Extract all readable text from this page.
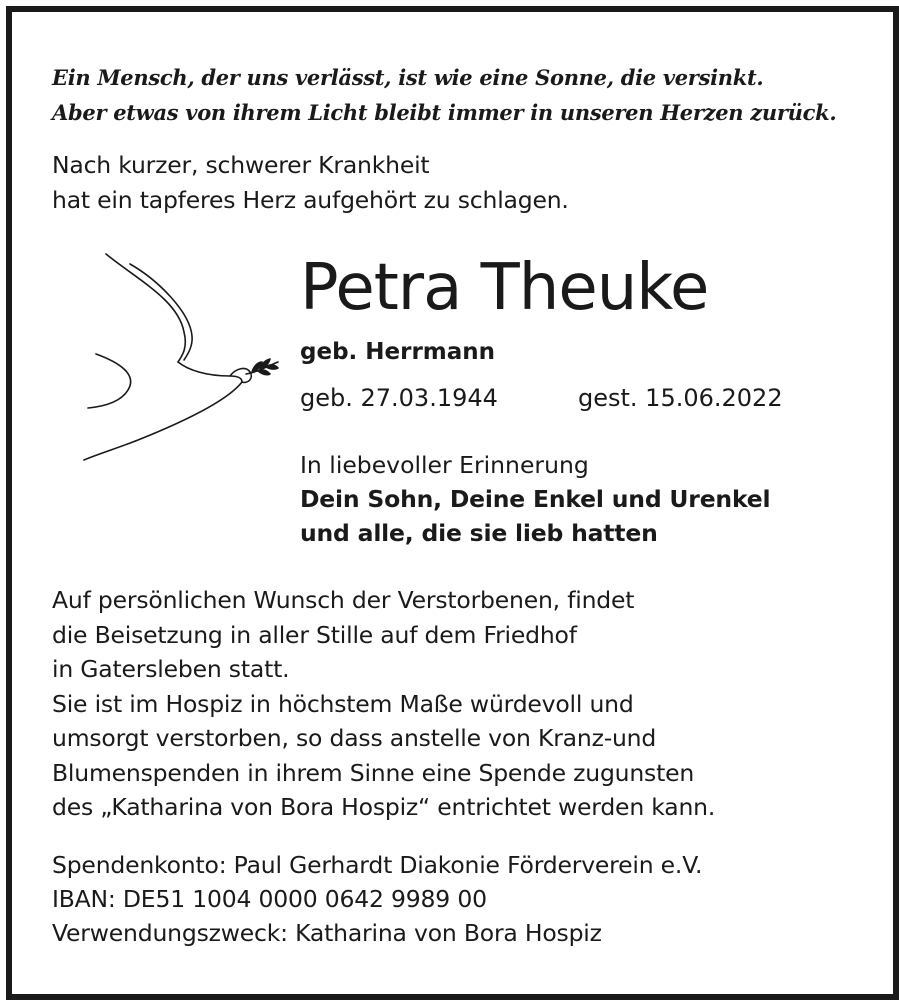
Ein Mensch, der uns verlässt, ist wie eine Sonne, die versinkt.
Aber etwas von ihrem Licht bleibt immer in unseren Herzen zurück.
Nach kurzer, schwerer Krankheit
hat ein tapferes Herz aufgehört zu schlagen.
Petra Theuke
geb. Herrmann
geb. 27.03.1944	gest. 15.06.2022
In liebevoller Erinnerung
Dein Sohn, Deine Enkel und Urenkel
und alle, die sie lieb hatten
Auf persönlichen Wunsch der Verstorbenen, findet
die Beisetzung in aller Stille auf dem Friedhof
in Gatersleben statt.
Sie ist im Hospiz in höchstem Maße würdevoll und
umsorgt verstorben, so dass anstelle von Kranz-und
Blumenspenden in ihrem Sinne eine Spende zugunsten
des „Katharina von Bora Hospiz“ entrichtet werden kann.
Spendenkonto: Paul Gerhardt Diakonie Förderverein e.V.
IBAN: DE51 1004 0000 0642 9989 00
Verwendungszweck: Katharina von Bora Hospiz
